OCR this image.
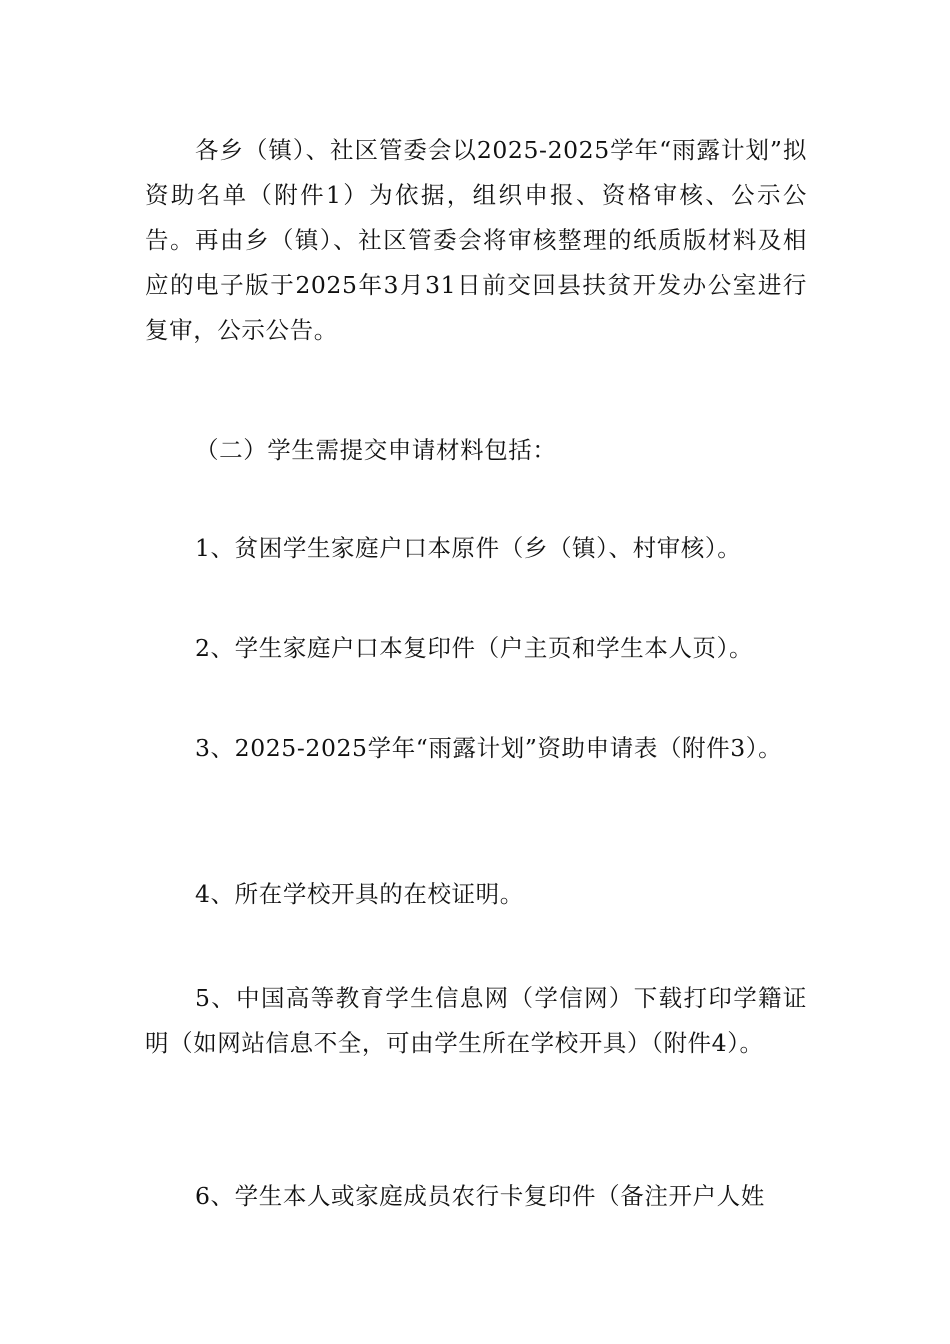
各乡（镇）、社区管委会以2025-2025学年“雨露计划”拟资助名单（附件1）为依据，组织申报、资格审核、公示公告。再由乡（镇）、社区管委会将审核整理的纸质版材料及相应的电子版于2025年3月31日前交回县扶贫开发办公室进行复审，公示公告。

（二）学生需提交申请材料包括：

1、贫困学生家庭户口本原件（乡（镇）、村审核）。

2、学生家庭户口本复印件（户主页和学生本人页）。

3、2025-2025学年“雨露计划”资助申请表（附件3）。

4、所在学校开具的在校证明。

5、中国高等教育学生信息网（学信网）下载打印学籍证明（如网站信息不全，可由学生所在学校开具）（附件4）。

6、学生本人或家庭成员农行卡复印件（备注开户人姓
